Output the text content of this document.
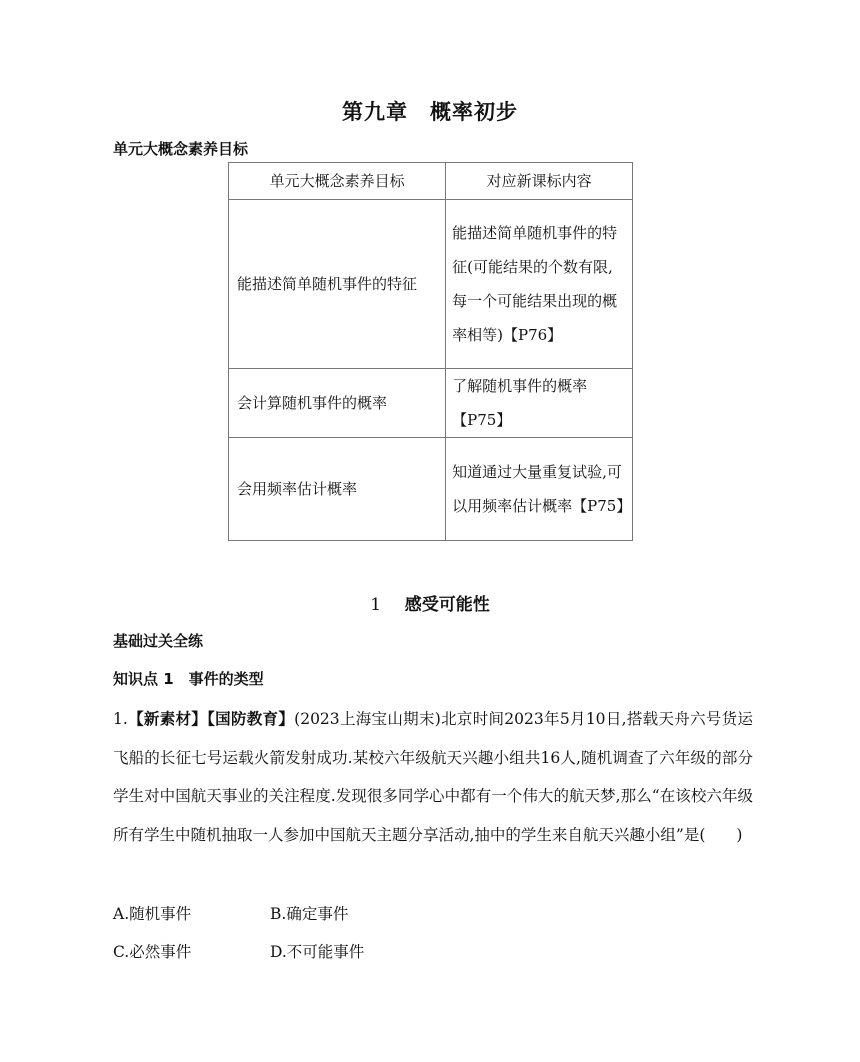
第九章　概率初步
单元大概念素养目标
单元大概念素养目标	对应新课标内容
能描述简单随机事件的特征	能描述简单随机事件的特征(可能结果的个数有限,每一个可能结果出现的概率相等)【P76】
会计算随机事件的概率	了解随机事件的概率【P75】
会用频率估计概率	知道通过大量重复试验,可以用频率估计概率【P75】
1 感受可能性
基础过关全练
知识点 1　事件的类型
1.【新素材】【国防教育】(2023上海宝山期末)北京时间2023年5月10日,搭载天舟六号货运飞船的长征七号运载火箭发射成功.某校六年级航天兴趣小组共16人,随机调查了六年级的部分学生对中国航天事业的关注程度.发现很多同学心中都有一个伟大的航天梦,那么“在该校六年级所有学生中随机抽取一人参加中国航天主题分享活动,抽中的学生来自航天兴趣小组”是(　　)
A.随机事件	B.确定事件
C.必然事件	D.不可能事件
